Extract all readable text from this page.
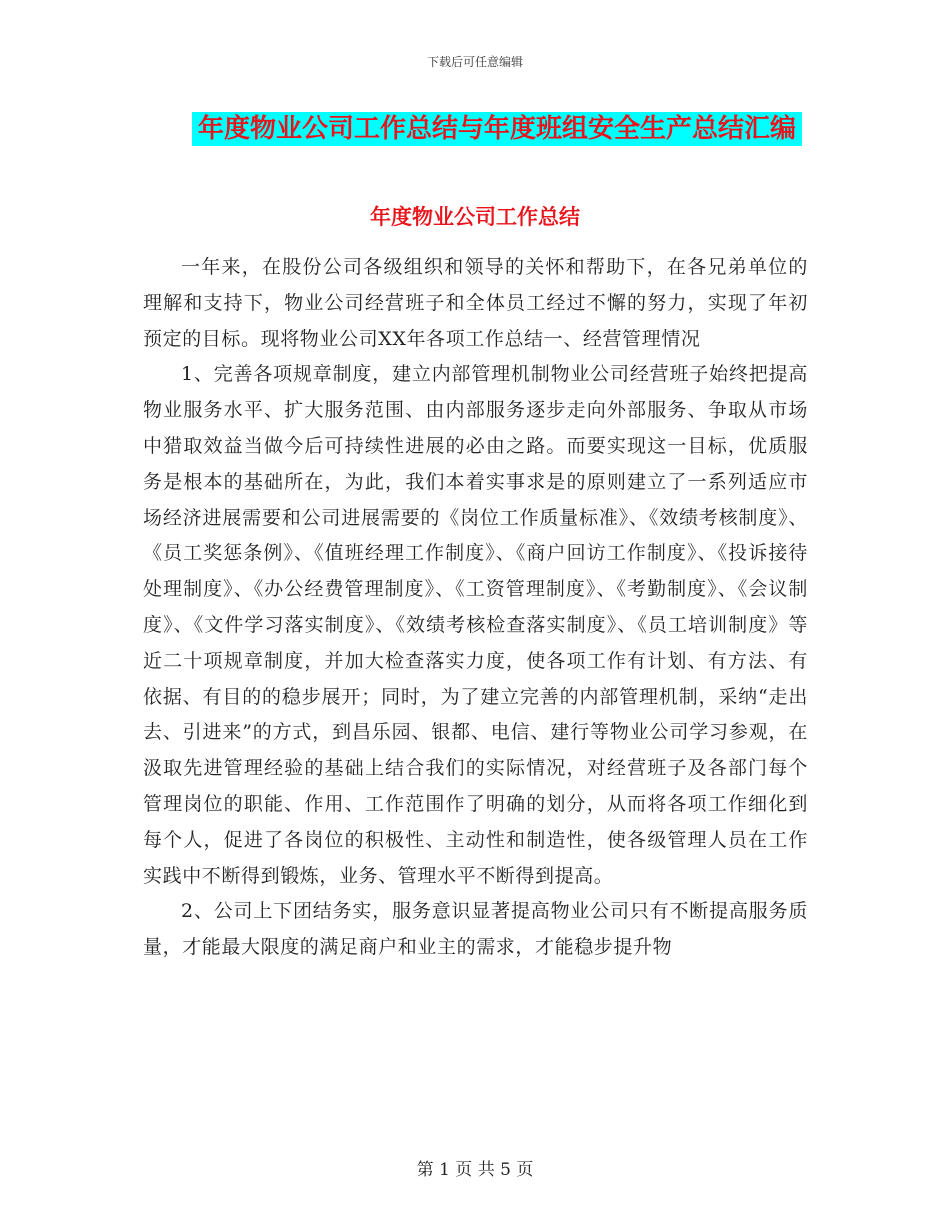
下载后可任意编辑
年度物业公司工作总结与年度班组安全生产总结汇编
年度物业公司工作总结

一年来，在股份公司各级组织和领导的关怀和帮助下，在各兄弟单位的理解和支持下，物业公司经营班子和全体员工经过不懈的努力，实现了年初预定的目标。现将物业公司XX年各项工作总结一、经营管理情况

1、完善各项规章制度，建立内部管理机制物业公司经营班子始终把提高物业服务水平、扩大服务范围、由内部服务逐步走向外部服务、争取从市场中猎取效益当做今后可持续性进展的必由之路。而要实现这一目标，优质服务是根本的基础所在，为此，我们本着实事求是的原则建立了一系列适应市场经济进展需要和公司进展需要的《岗位工作质量标准》、《效绩考核制度》、《员工奖惩条例》、《值班经理工作制度》、《商户回访工作制度》、《投诉接待处理制度》、《办公经费管理制度》、《工资管理制度》、《考勤制度》、《会议制度》、《文件学习落实制度》、《效绩考核检查落实制度》、《员工培训制度》等近二十项规章制度，并加大检查落实力度，使各项工作有计划、有方法、有依据、有目的的稳步展开；同时，为了建立完善的内部管理机制，采纳“走出去、引进来”的方式，到昌乐园、银都、电信、建行等物业公司学习参观，在汲取先进管理经验的基础上结合我们的实际情况，对经营班子及各部门每个管理岗位的职能、作用、工作范围作了明确的划分，从而将各项工作细化到每个人，促进了各岗位的积极性、主动性和制造性，使各级管理人员在工作实践中不断得到锻炼，业务、管理水平不断得到提高。

2、公司上下团结务实，服务意识显著提高物业公司只有不断提高服务质量，才能最大限度的满足商户和业主的需求，才能稳步提升物

第 1 页 共 5 页
